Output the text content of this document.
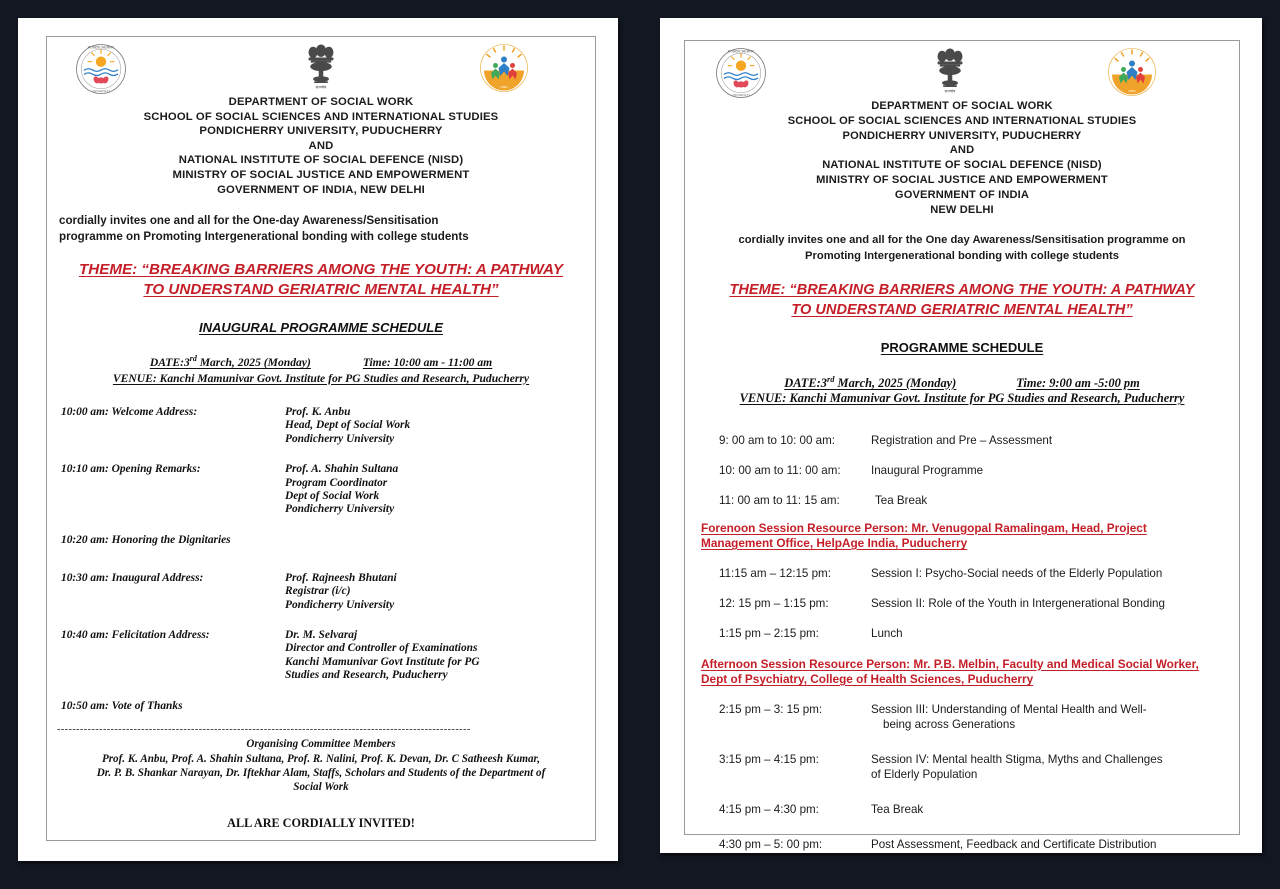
PONDICHERRY
UNIVERSITY
सत्यमेव	NISD
DEPARTMENT OF SOCIAL WORK
SCHOOL OF SOCIAL SCIENCES AND INTERNATIONAL STUDIES
PONDICHERRY UNIVERSITY, PUDUCHERRY
AND
NATIONAL INSTITUTE OF SOCIAL DEFENCE (NISD)
MINISTRY OF SOCIAL JUSTICE AND EMPOWERMENT
GOVERNMENT OF INDIA, NEW DELHI
cordially invites one and all for the One-day Awareness/Sensitisation
programme on Promoting Intergenerational bonding with college students
THEME: “BREAKING BARRIERS AMONG THE YOUTH: A PATHWAY
TO UNDERSTAND GERIATRIC MENTAL HEALTH”
INAUGURAL PROGRAMME SCHEDULE
DATE:3rd March, 2025 (Monday)	Time: 10:00 am - 11:00 am
VENUE: Kanchi Mamunivar Govt. Institute for PG Studies and Research, Puducherry
10:00 am: Welcome Address:	Prof. K. Anbu
Head, Dept of Social Work
Pondicherry University
10:10 am: Opening Remarks:	Prof. A. Shahin Sultana
Program Coordinator
Dept of Social Work
Pondicherry University
10:20 am: Honoring the Dignitaries
10:30 am: Inaugural Address:	Prof. Rajneesh Bhutani
Registrar (i/c)
Pondicherry University
10:40 am: Felicitation Address:	Dr. M. Selvaraj
Director and Controller of Examinations
Kanchi Mamunivar Govt Institute for PG
Studies and Research, Puducherry
10:50 am: Vote of Thanks
------------------------------------------------------------------------------------------------------------
Organising Committee Members
Prof. K. Anbu, Prof. A. Shahin Sultana, Prof. R. Nalini, Prof. K. Devan, Dr. C Satheesh Kumar,
Dr. P. B. Shankar Narayan, Dr. Iftekhar Alam, Staffs, Scholars and Students of the Department of
Social Work
ALL ARE CORDIALLY INVITED!
PONDICHERRY
UNIVERSITY
सत्यमेव	NISD
DEPARTMENT OF SOCIAL WORK
SCHOOL OF SOCIAL SCIENCES AND INTERNATIONAL STUDIES
PONDICHERRY UNIVERSITY, PUDUCHERRY
AND
NATIONAL INSTITUTE OF SOCIAL DEFENCE (NISD)
MINISTRY OF SOCIAL JUSTICE AND EMPOWERMENT
GOVERNMENT OF INDIA
NEW DELHI
cordially invites one and all for the One day Awareness/Sensitisation programme on
Promoting Intergenerational bonding with college students
THEME: “BREAKING BARRIERS AMONG THE YOUTH: A PATHWAY
TO UNDERSTAND GERIATRIC MENTAL HEALTH”
PROGRAMME SCHEDULE
DATE:3rd March, 2025 (Monday)	Time: 9:00 am -5:00 pm
VENUE: Kanchi Mamunivar Govt. Institute for PG Studies and Research, Puducherry
9: 00 am to 10: 00 am:	Registration and Pre – Assessment
10: 00 am to 11: 00 am:	Inaugural Programme
11: 00 am to 11: 15 am:	Tea Break
Forenoon Session Resource Person: Mr. Venugopal Ramalingam, Head, Project Management Office, HelpAge India, Puducherry
11:15 am – 12:15 pm:	Session I: Psycho-Social needs of the Elderly Population
12: 15 pm – 1:15 pm:	Session II: Role of the Youth in Intergenerational Bonding
1:15 pm – 2:15 pm:	Lunch
Afternoon Session Resource Person: Mr. P.B. Melbin, Faculty and Medical Social Worker, Dept of Psychiatry, College of Health Sciences, Puducherry
2:15 pm – 3: 15 pm:	Session III: Understanding of Mental Health and Well-
being across Generations
3:15 pm – 4:15 pm:	Session IV: Mental health Stigma, Myths and Challenges
of Elderly Population
4:15 pm – 4:30 pm:	Tea Break
4:30 pm – 5: 00 pm:	Post Assessment, Feedback and Certificate Distribution
